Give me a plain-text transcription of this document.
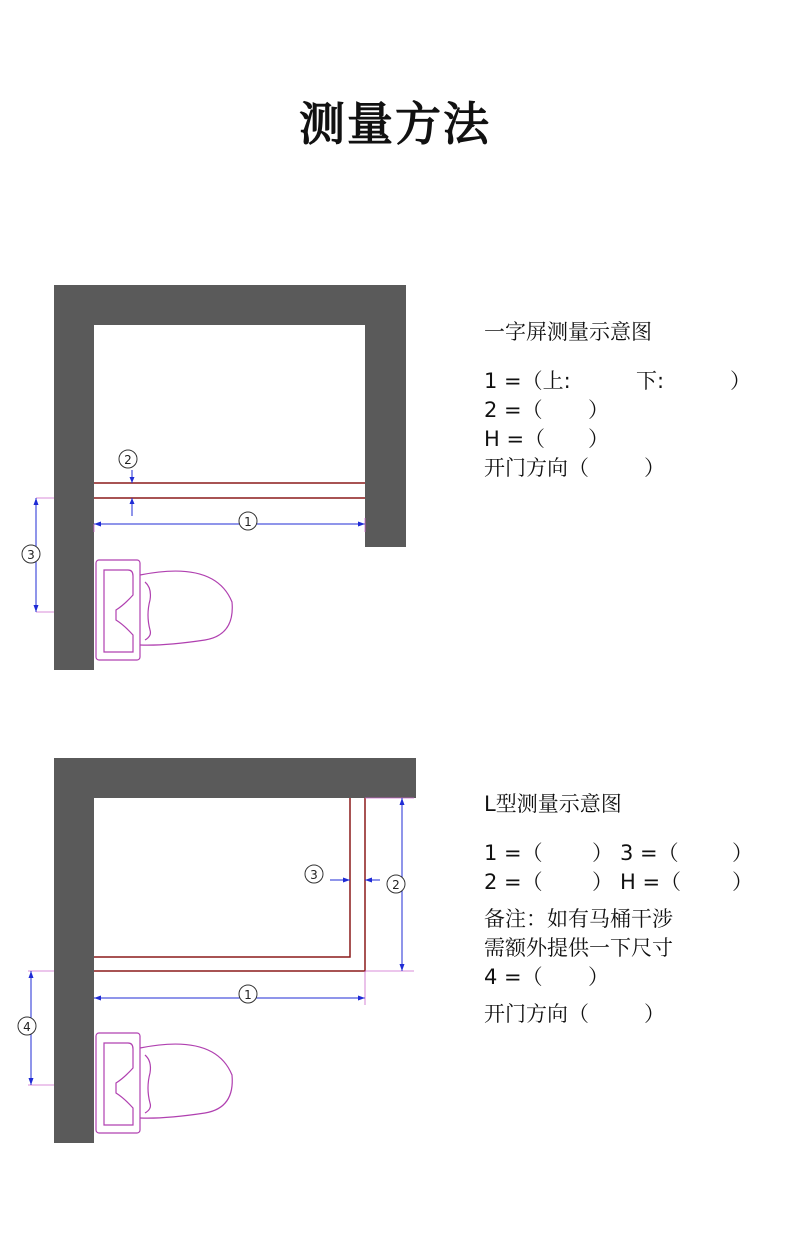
测量方法
2
1
3
一字屏测量示意图
1 =（上:	下:	）
2 =（ ）
H =（ ）
开门方向（	）
3
2
1
4
L型测量示意图
1 =（ ） 3 =（	）
2 =（ ） H =（ ）
备注：如有马桶干涉
需额外提供一下尺寸
4 =（ ）
开门方向（	）
